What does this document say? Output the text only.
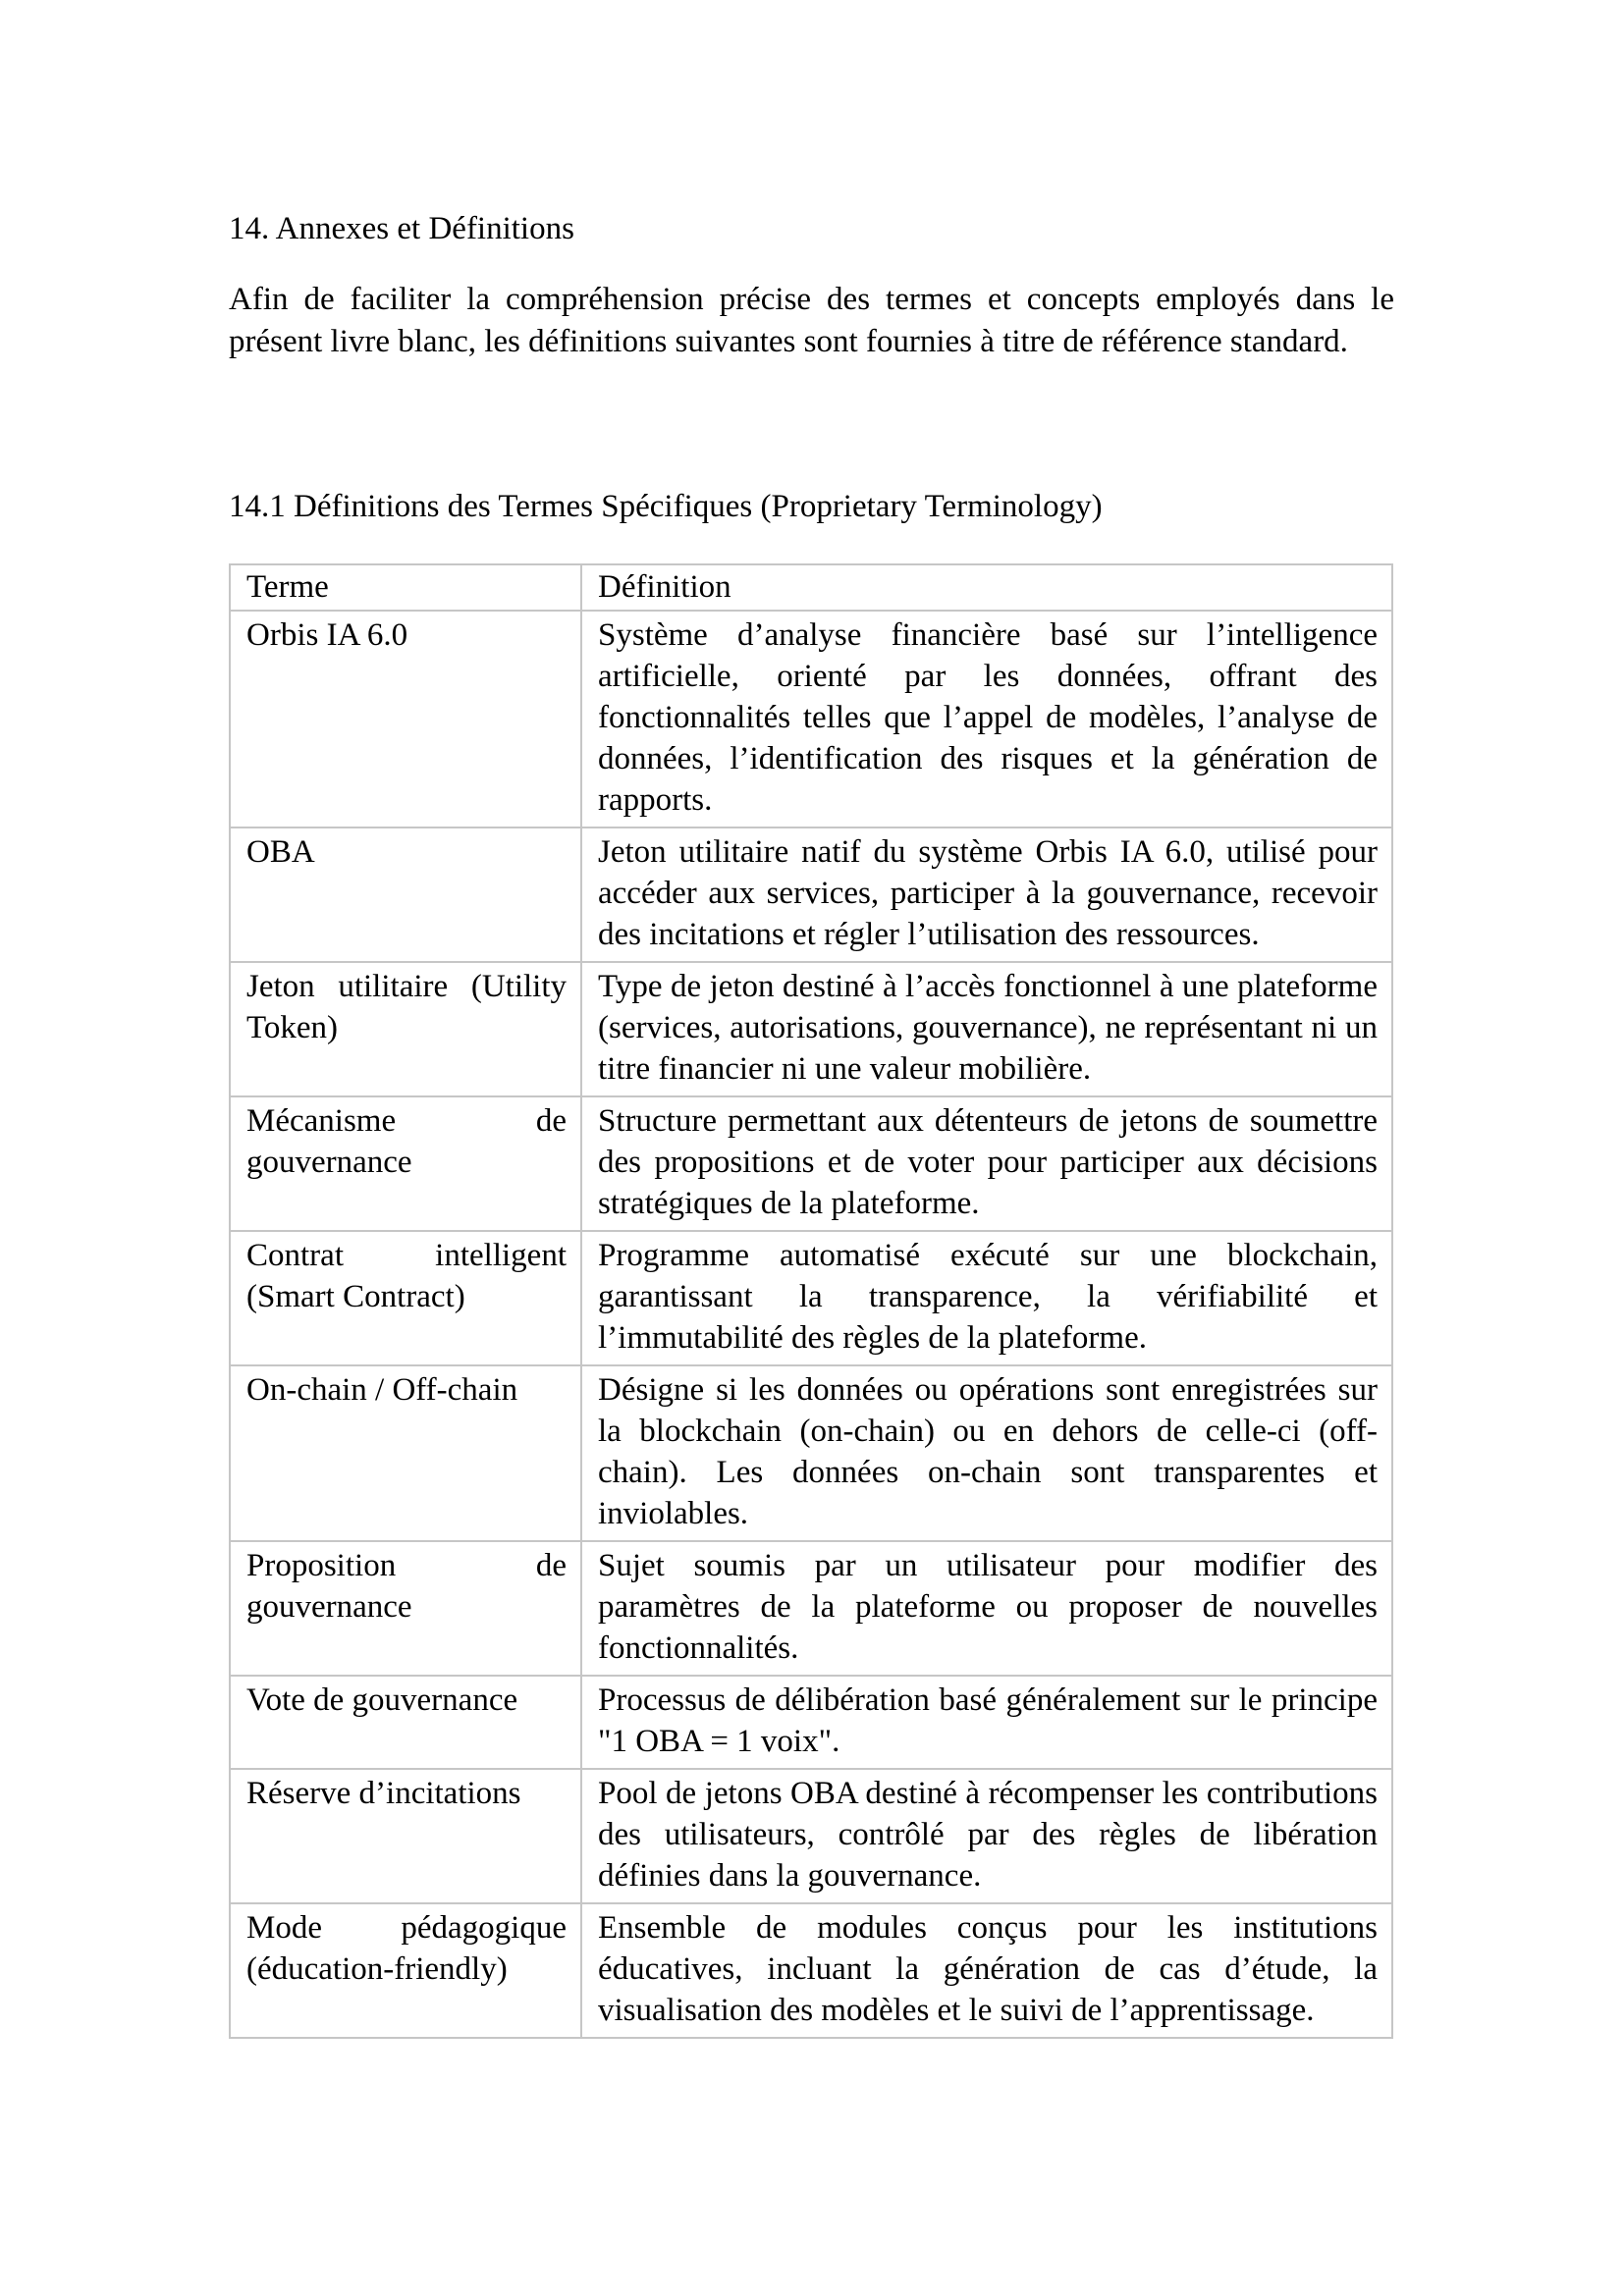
14. Annexes et Définitions

Afin de faciliter la compréhension précise des termes et concepts employés dans le présent livre blanc, les définitions suivantes sont fournies à titre de référence standard.

14.1 Définitions des Termes Spécifiques (Proprietary Terminology)

Terme	Définition
Orbis IA 6.0	Système d’analyse financière basé sur l’intelligence artificielle, orienté par les données, offrant des fonctionnalités telles que l’appel de modèles, l’analyse de données, l’identification des risques et la génération de rapports.
OBA	Jeton utilitaire natif du système Orbis IA 6.0, utilisé pour accéder aux services, participer à la gouvernance, recevoir des incitations et régler l’utilisation des ressources.
Jeton utilitaire (Utility Token)	Type de jeton destiné à l’accès fonctionnel à une plateforme (services, autorisations, gouvernance), ne représentant ni un titre financier ni une valeur mobilière.
Mécanisme de gouvernance	Structure permettant aux détenteurs de jetons de soumettre des propositions et de voter pour participer aux décisions stratégiques de la plateforme.
Contrat intelligent (Smart Contract)	Programme automatisé exécuté sur une blockchain, garantissant la transparence, la vérifiabilité et l’immutabilité des règles de la plateforme.
On-chain / Off-chain	Désigne si les données ou opérations sont enregistrées sur la blockchain (on-chain) ou en dehors de celle-ci (off-chain). Les données on-chain sont transparentes et inviolables.
Proposition de gouvernance	Sujet soumis par un utilisateur pour modifier des paramètres de la plateforme ou proposer de nouvelles fonctionnalités.
Vote de gouvernance	Processus de délibération basé généralement sur le principe "1 OBA = 1 voix".
Réserve d’incitations	Pool de jetons OBA destiné à récompenser les contributions des utilisateurs, contrôlé par des règles de libération définies dans la gouvernance.
Mode pédagogique (éducation-friendly)	Ensemble de modules conçus pour les institutions éducatives, incluant la génération de cas d’étude, la visualisation des modèles et le suivi de l’apprentissage.
